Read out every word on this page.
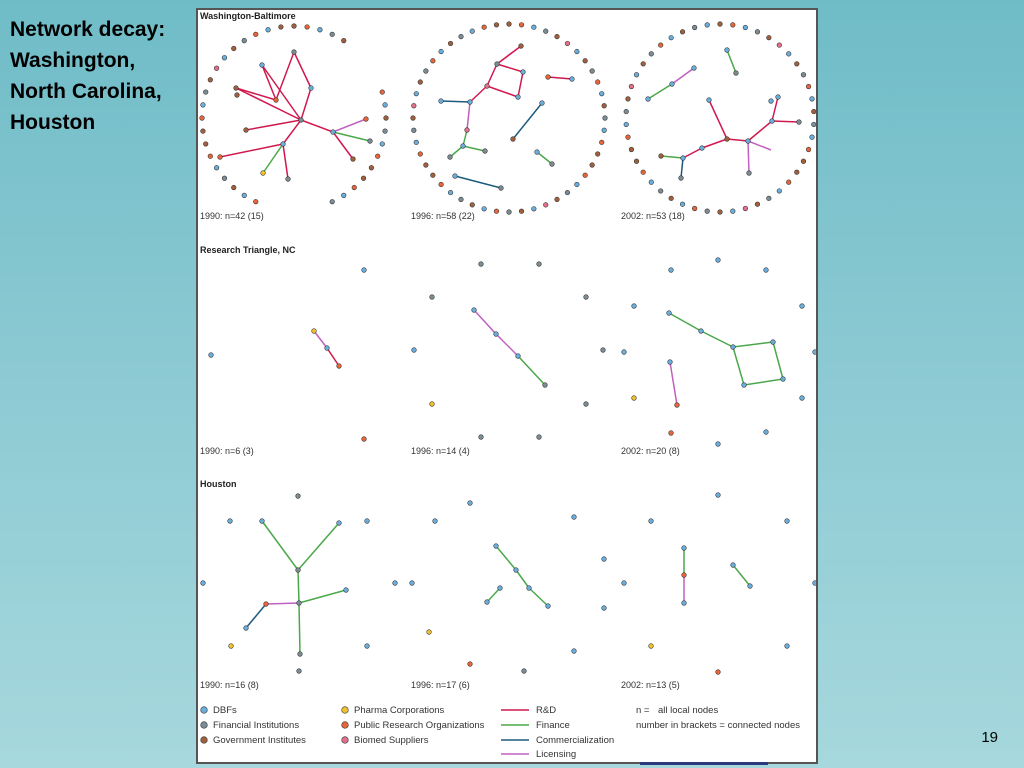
Network decay: Washington, North Carolina, Houston
19
Washington-Baltimore
Research Triangle, NC
Houston
1990: n=42 (15)	1996: n=58 (22)	2002: n=53 (18)
1990: n=6 (3)	1996: n=14 (4)	2002: n=20 (8)
1990: n=16 (8)	1996: n=17 (6)	2002: n=13 (5)
DBFs
Financial Institutions
Government Institutes
Pharma Corporations
Public Research Organizations
Biomed Suppliers
R&D
Finance
Commercialization
Licensing
n = all local nodes
number in brackets = connected nodes
